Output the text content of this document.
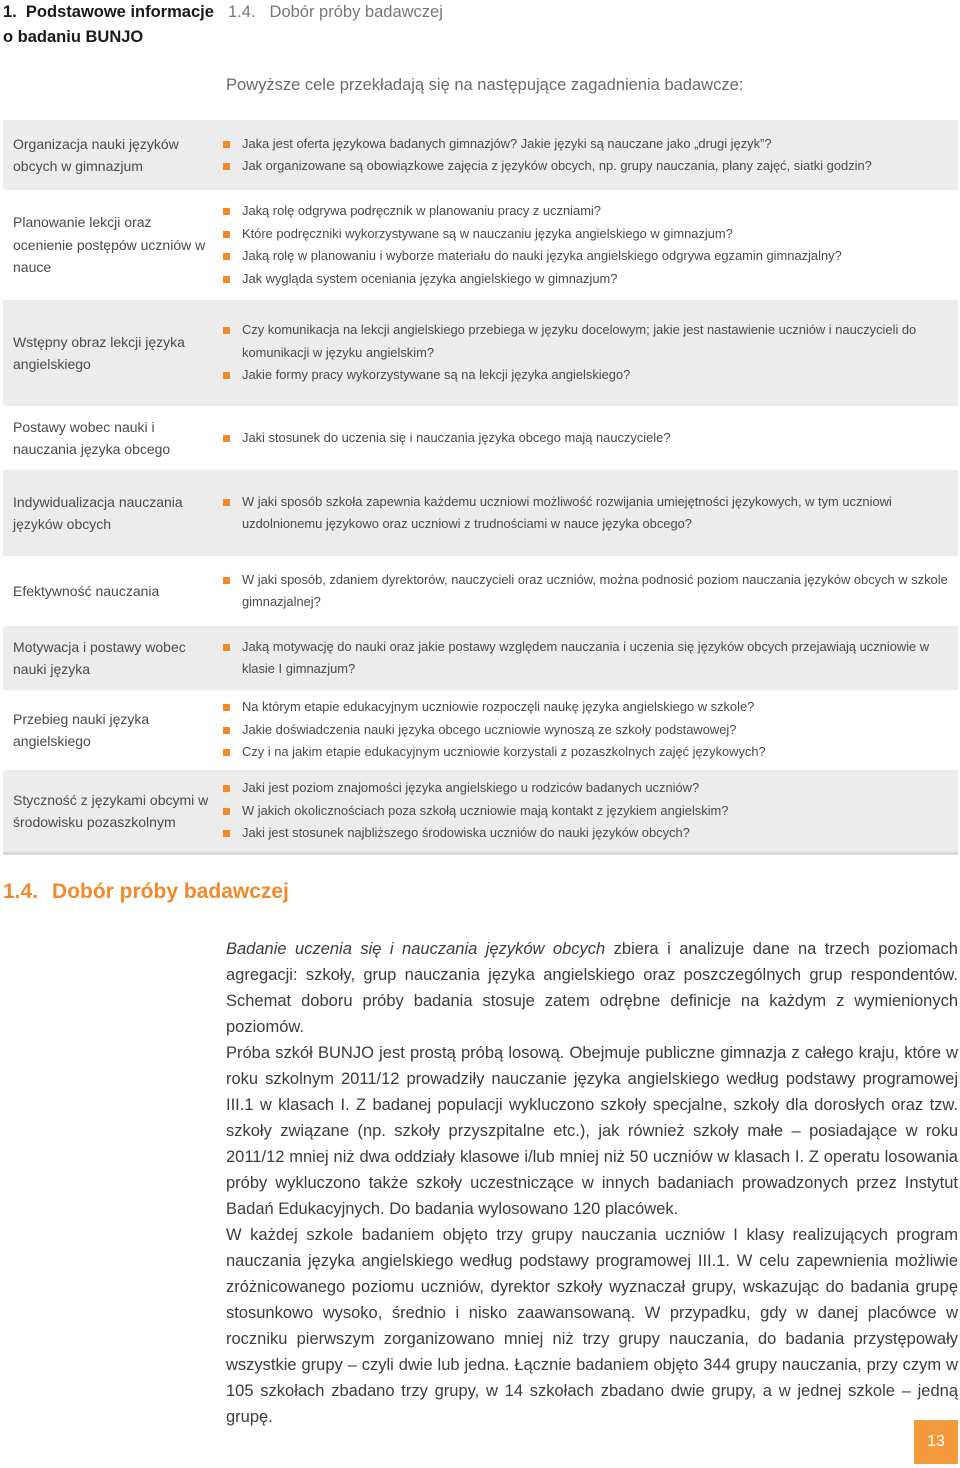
1.  Podstawowe informacje
o badaniu BUNJO
1.4. Dobór próby badawczej
Powyższe cele przekładają się na następujące zagadnienia badawcze:
Organizacja nauki języków obcych w gimnazjum
Jaka jest oferta językowa badanych gimnazjów? Jakie języki są nauczane jako „drugi język”?
Jak organizowane są obowiązkowe zajęcia z języków obcych, np. grupy nauczania, plany zajęć, siatki godzin?
Planowanie lekcji oraz ocenienie postępów uczniów w nauce
Jaką rolę odgrywa podręcznik w planowaniu pracy z uczniami?
Które podręczniki wykorzystywane są w nauczaniu języka angielskiego w gimnazjum?
Jaką rolę w planowaniu i wyborze materiału do nauki języka angielskiego odgrywa egzamin gimnazjalny?
Jak wygląda system oceniania języka angielskiego w gimnazjum?
Wstępny obraz lekcji języka angielskiego
Czy komunikacja na lekcji angielskiego przebiega w języku docelowym; jakie jest nastawienie uczniów i nauczycieli do komunikacji w języku angielskim?
Jakie formy pracy wykorzystywane są na lekcji języka angielskiego?
Postawy wobec nauki i nauczania języka obcego
Jaki stosunek do uczenia się i nauczania języka obcego mają nauczyciele?
Indywidualizacja nauczania języków obcych
W jaki sposób szkoła zapewnia każdemu uczniowi możliwość rozwijania umiejętności językowych, w tym uczniowi uzdolnionemu językowo oraz uczniowi z trudnościami w nauce języka obcego?
Efektywność nauczania
W jaki sposób, zdaniem dyrektorów, nauczycieli oraz uczniów, można podnosić poziom nauczania języków obcych w szkole gimnazjalnej?
Motywacja i postawy wobec nauki języka
Jaką motywację do nauki oraz jakie postawy względem nauczania i uczenia się języków obcych przejawiają uczniowie w klasie I gimnazjum?
Przebieg nauki języka angielskiego
Na którym etapie edukacyjnym uczniowie rozpoczęli naukę języka angielskiego w szkole?
Jakie doświadczenia nauki języka obcego uczniowie wynoszą ze szkoły podstawowej?
Czy i na jakim etapie edukacyjnym uczniowie korzystali z pozaszkolnych zajęć językowych?
Styczność z językami obcymi w środowisku pozaszkolnym
Jaki jest poziom znajomości języka angielskiego u rodziców badanych uczniów?
W jakich okolicznościach poza szkołą uczniowie mają kontakt z językiem angielskim?
Jaki jest stosunek najbliższego środowiska uczniów do nauki języków obcych?
1.4. Dobór próby badawczej

Badanie uczenia się i nauczania języków obcych zbiera i analizuje dane na trzech poziomach agregacji: szkoły, grup nauczania języka angielskiego oraz poszczególnych grup respondentów. Schemat doboru próby badania stosuje zatem odrębne definicje na każdym z wymienionych poziomów.

Próba szkół BUNJO jest prostą próbą losową. Obejmuje publiczne gimnazja z całego kraju, które w roku szkolnym 2011/12 prowadziły nauczanie języka angielskiego według podstawy programowej III.1 w klasach I. Z badanej populacji wykluczono szkoły specjalne, szkoły dla dorosłych oraz tzw. szkoły związane (np. szkoły przyszpitalne etc.), jak również szkoły małe – posiadające w roku 2011/12 mniej niż dwa oddziały klasowe i/lub mniej niż 50 uczniów w klasach I. Z operatu losowania próby wykluczono także szkoły uczestniczące w innych badaniach prowadzonych przez Instytut Badań Edukacyjnych. Do badania wylosowano 120 placówek.

W każdej szkole badaniem objęto trzy grupy nauczania uczniów I klasy realizujących program nauczania języka angielskiego według podstawy programowej III.1. W celu zapewnienia możliwie zróżnicowanego poziomu uczniów, dyrektor szkoły wyznaczał grupy, wskazując do badania grupę stosunkowo wysoko, średnio i nisko zaawansowaną. W przypadku, gdy w danej placówce w roczniku pierwszym zorganizowano mniej niż trzy grupy nauczania, do badania przystępowały wszystkie grupy – czyli dwie lub jedna. Łącznie badaniem objęto 344 grupy nauczania, przy czym w 105 szkołach zbadano trzy grupy, w 14 szkołach zbadano dwie grupy, a w jednej szkole – jedną grupę.

13
